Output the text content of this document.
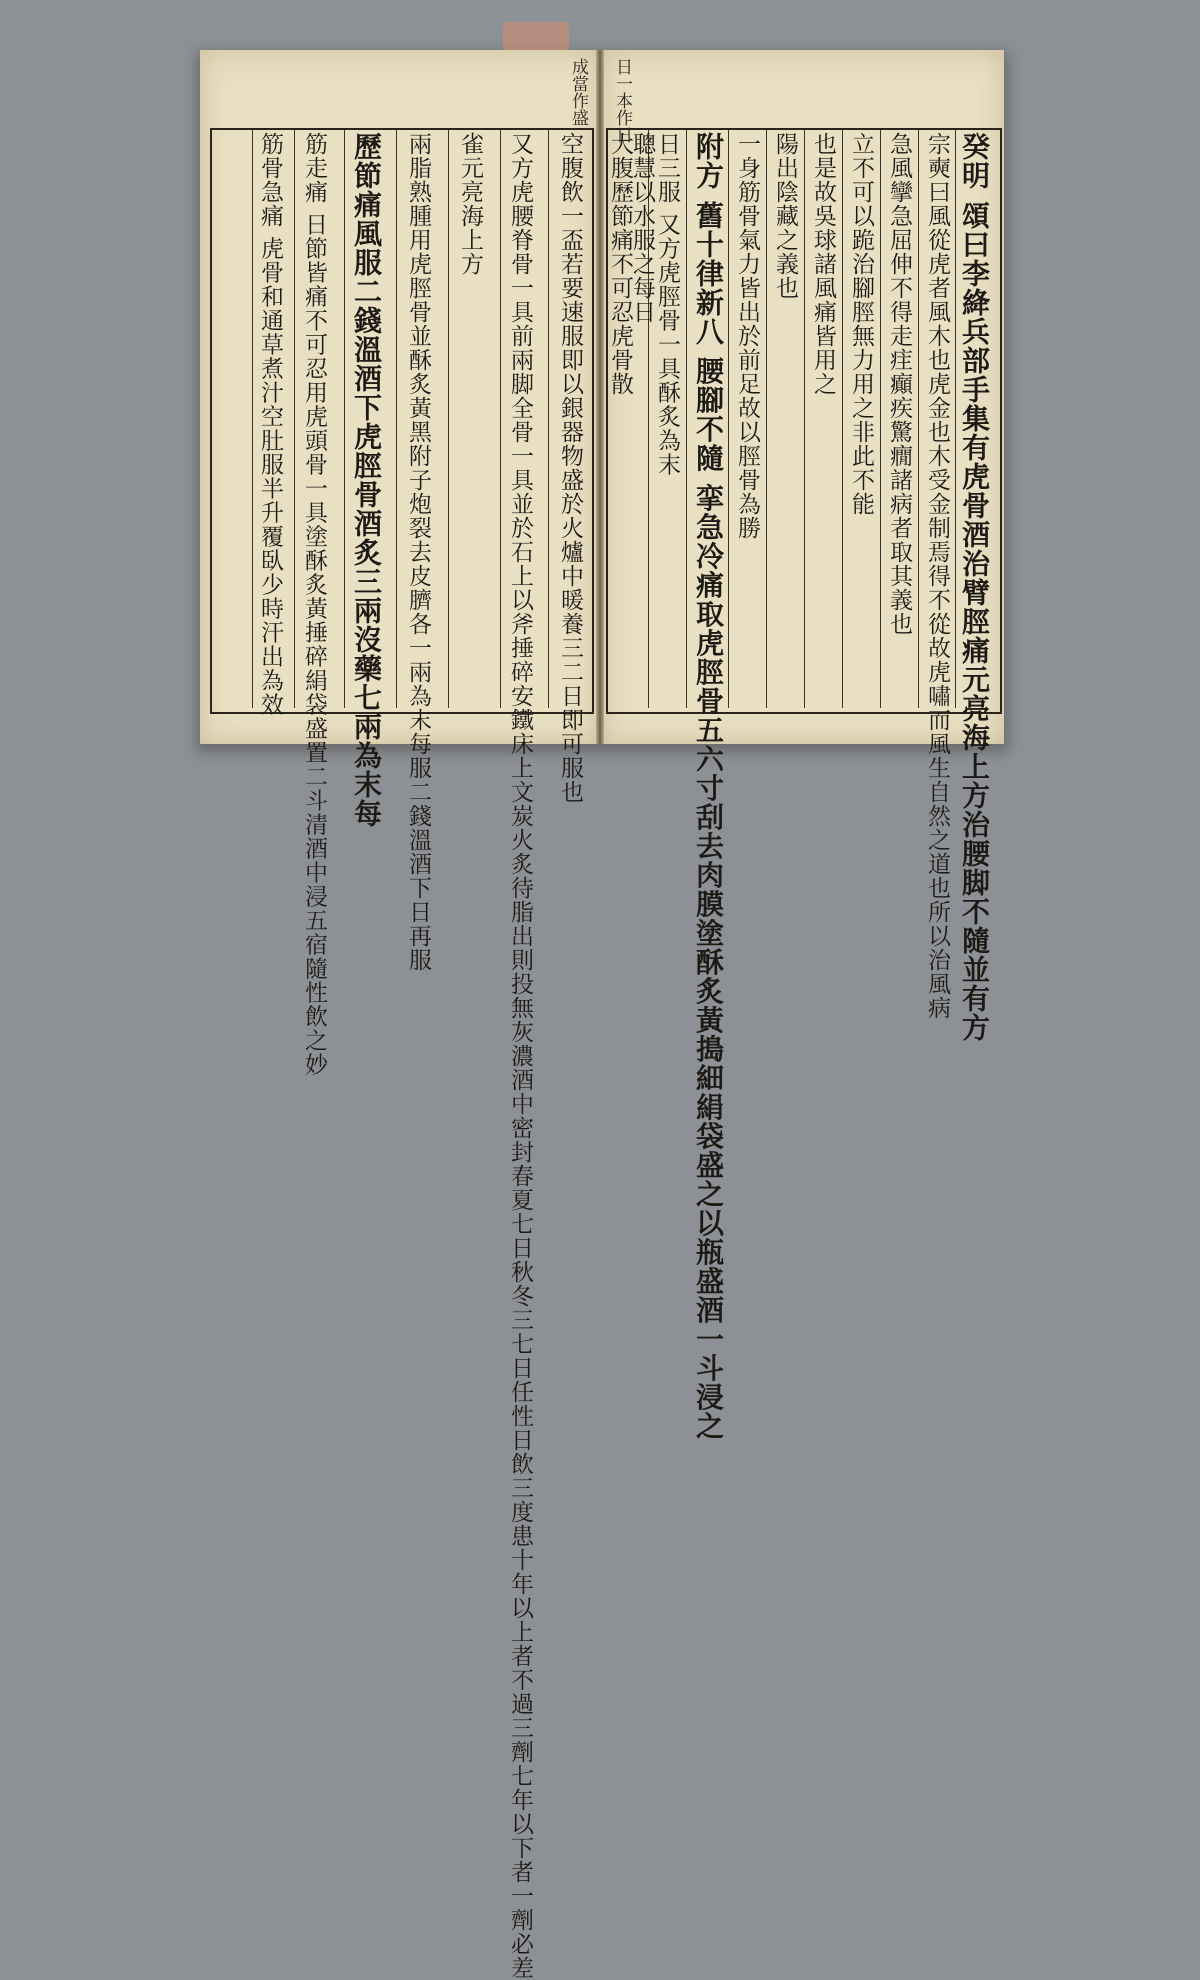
成當作盛 日一本作日
空腹飲一盃若要速服即以銀器物盛於火爐中暖養三二日即可服也
又方虎腰脊骨一具前兩脚全骨一具並於石上以斧捶碎安鐵床上文炭火炙待脂出則投無灰濃酒中密封春夏七日秋冬三七日任性日飲三度患十年以上者不過三劑七年以下者一劑必差
雀元亮海上方
兩脂熟腫用虎脛骨並酥炙黃黑附子炮裂去皮臍各一兩為末每服二錢溫酒下日再服
歷節痛風服二錢溫酒下虎脛骨酒炙三兩沒藥七兩為末每
筋走痛 日節皆痛不可忍用虎頭骨一具塗酥炙黃捶碎絹袋盛置二斗清酒中浸五宿隨性飲之妙
筋骨急痛 虎骨和通草煮汁空肚服半升覆臥少時汗出為效	癸明 頌曰李絳兵部手集有虎骨酒治臂脛痛元亮海上方治腰脚不隨並有方
宗奭曰風從虎者風木也虎金也木受金制焉得不從故虎嘯而風生自然之道也所以治風病
急風攣急屈伸不得走疰癲疾驚癇諸病者取其義也
立不可以跪治腳脛無力用之非此不能
也是故吳球諸風痛皆用之
陽出陰藏之義也
一身筋骨氣力皆出於前足故以脛骨為勝
附方 舊十律新八 腰腳不隨 挛急冷痛取虎脛骨五六寸刮去肉膜塗酥炙黃搗細絹袋盛之以瓶盛酒一斗浸之
日三服 又方虎脛骨一具酥炙為末
聰慧以水服之每日
大腹歷節痛不可忍虎骨散
